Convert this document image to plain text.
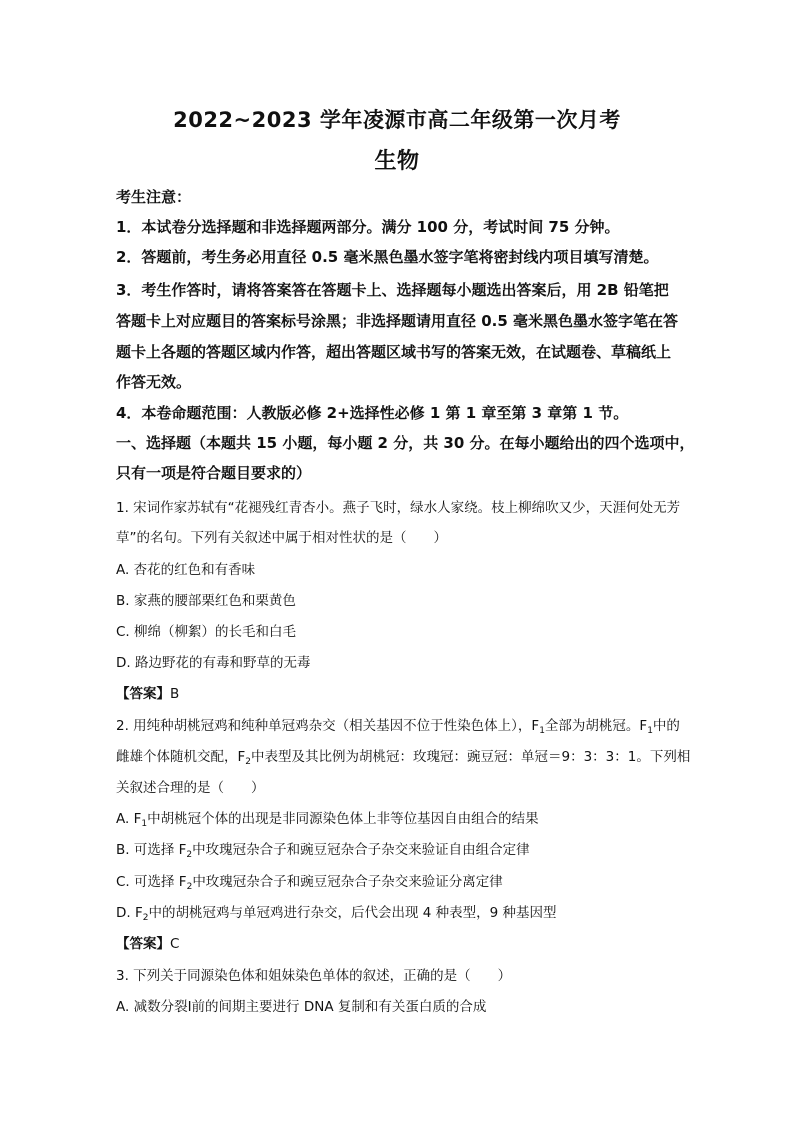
2022~2023 学年凌源市高二年级第一次月考
生物
考生注意：
1．本试卷分选择题和非选择题两部分。满分 100 分，考试时间 75 分钟。
2．答题前，考生务必用直径 0.5 毫米黑色墨水签字笔将密封线内项目填写清楚。
3．考生作答时，请将答案答在答题卡上、选择题每小题选出答案后，用 2B 铅笔把
答题卡上对应题目的答案标号涂黑；非选择题请用直径 0.5 毫米黑色墨水签字笔在答
题卡上各题的答题区域内作答，超出答题区域书写的答案无效，在试题卷、草稿纸上
作答无效。
4．本卷命题范围：人教版必修 2+选择性必修 1 第 1 章至第 3 章第 1 节。
一、选择题（本题共 15 小题，每小题 2 分，共 30 分。在每小题给出的四个选项中，
只有一项是符合题目要求的）
1. 宋词作家苏轼有“花褪残红青杏小。燕子飞时，绿水人家绕。枝上柳绵吹又少，天涯何处无芳
草”的名句。下列有关叙述中属于相对性状的是（　　）
A. 杏花的红色和有香味
B. 家燕的腰部栗红色和栗黄色
C. 柳绵（柳絮）的长毛和白毛
D. 路边野花的有毒和野草的无毒
【答案】B
2. 用纯种胡桃冠鸡和纯种单冠鸡杂交（相关基因不位于性染色体上），$F_1$全部为胡桃冠。$F_1$中的
雌雄个体随机交配，$F_2$中表型及其比例为胡桃冠：玫瑰冠：豌豆冠：单冠＝9：3：3：1。下列相
关叙述合理的是（　　）
A. $F_1$中胡桃冠个体的出现是非同源染色体上非等位基因自由组合的结果
B. 可选择 $F_2$中玫瑰冠杂合子和豌豆冠杂合子杂交来验证自由组合定律
C. 可选择 $F_2$中玫瑰冠杂合子和豌豆冠杂合子杂交来验证分离定律
D. $F_2$中的胡桃冠鸡与单冠鸡进行杂交，后代会出现 4 种表型，9 种基因型
【答案】C
3. 下列关于同源染色体和姐妹染色单体的叙述，正确的是（　　）
A. 减数分裂Ⅰ前的间期主要进行 DNA 复制和有关蛋白质的合成
